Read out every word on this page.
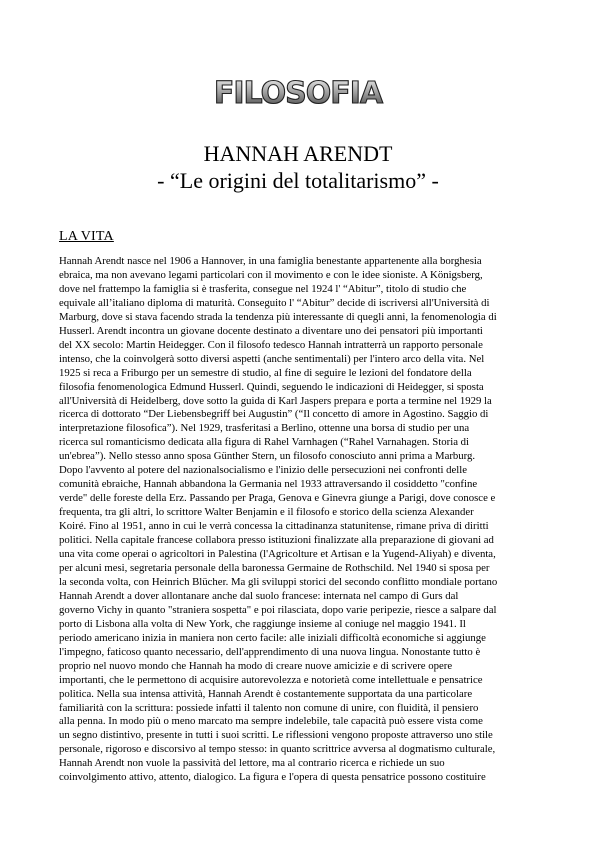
FILOSOFIA
HANNAH ARENDT
- “Le origini del totalitarismo” -
LA VITA
Hannah Arendt nasce nel 1906 a Hannover, in una famiglia benestante appartenente alla borghesia
ebraica, ma non avevano legami particolari con il movimento e con le idee sioniste. A Königsberg,
dove nel frattempo la famiglia si è trasferita, consegue nel 1924 l' “Abitur”, titolo di studio che
equivale all’italiano diploma di maturità. Conseguito l' “Abitur” decide di iscriversi all'Università di
Marburg, dove si stava facendo strada la tendenza più interessante di quegli anni, la fenomenologia di
Husserl. Arendt incontra un giovane docente destinato a diventare uno dei pensatori più importanti
del XX secolo: Martin Heidegger. Con il filosofo tedesco Hannah intratterrà un rapporto personale
intenso, che la coinvolgerà sotto diversi aspetti (anche sentimentali) per l'intero arco della vita. Nel
1925 si reca a Friburgo per un semestre di studio, al fine di seguire le lezioni del fondatore della
filosofia fenomenologica Edmund Husserl. Quindi, seguendo le indicazioni di Heidegger, si sposta
all'Università di Heidelberg, dove sotto la guida di Karl Jaspers prepara e porta a termine nel 1929 la
ricerca di dottorato “Der Liebensbegriff bei Augustin” (“Il concetto di amore in Agostino. Saggio di
interpretazione filosofica”). Nel 1929, trasferitasi a Berlino, ottenne una borsa di studio per una
ricerca sul romanticismo dedicata alla figura di Rahel Varnhagen (“Rahel Varnahagen. Storia di
un'ebrea”). Nello stesso anno sposa Günther Stern, un filosofo conosciuto anni prima a Marburg.
Dopo l'avvento al potere del nazionalsocialismo e l'inizio delle persecuzioni nei confronti delle
comunità ebraiche, Hannah abbandona la Germania nel 1933 attraversando il cosiddetto "confine
verde" delle foreste della Erz. Passando per Praga, Genova e Ginevra giunge a Parigi, dove conosce e
frequenta, tra gli altri, lo scrittore Walter Benjamin e il filosofo e storico della scienza Alexander
Koiré. Fino al 1951, anno in cui le verrà concessa la cittadinanza statunitense, rimane priva di diritti
politici. Nella capitale francese collabora presso istituzioni finalizzate alla preparazione di giovani ad
una vita come operai o agricoltori in Palestina (l'Agricolture et Artisan e la Yugend-Aliyah) e diventa,
per alcuni mesi, segretaria personale della baronessa Germaine de Rothschild. Nel 1940 si sposa per
la seconda volta, con Heinrich Blücher. Ma gli sviluppi storici del secondo conflitto mondiale portano
Hannah Arendt a dover allontanare anche dal suolo francese: internata nel campo di Gurs dal
governo Vichy in quanto "straniera sospetta" e poi rilasciata, dopo varie peripezie, riesce a salpare dal
porto di Lisbona alla volta di New York, che raggiunge insieme al coniuge nel maggio 1941. Il
periodo americano inizia in maniera non certo facile: alle iniziali difficoltà economiche si aggiunge
l'impegno, faticoso quanto necessario, dell'apprendimento di una nuova lingua. Nonostante tutto è
proprio nel nuovo mondo che Hannah ha modo di creare nuove amicizie e di scrivere opere
importanti, che le permettono di acquisire autorevolezza e notorietà come intellettuale e pensatrice
politica. Nella sua intensa attività, Hannah Arendt è costantemente supportata da una particolare
familiarità con la scrittura: possiede infatti il talento non comune di unire, con fluidità, il pensiero
alla penna. In modo più o meno marcato ma sempre indelebile, tale capacità può essere vista come
un segno distintivo, presente in tutti i suoi scritti. Le riflessioni vengono proposte attraverso uno stile
personale, rigoroso e discorsivo al tempo stesso: in quanto scrittrice avversa al dogmatismo culturale,
Hannah Arendt non vuole la passività del lettore, ma al contrario ricerca e richiede un suo
coinvolgimento attivo, attento, dialogico. La figura e l'opera di questa pensatrice possono costituire
